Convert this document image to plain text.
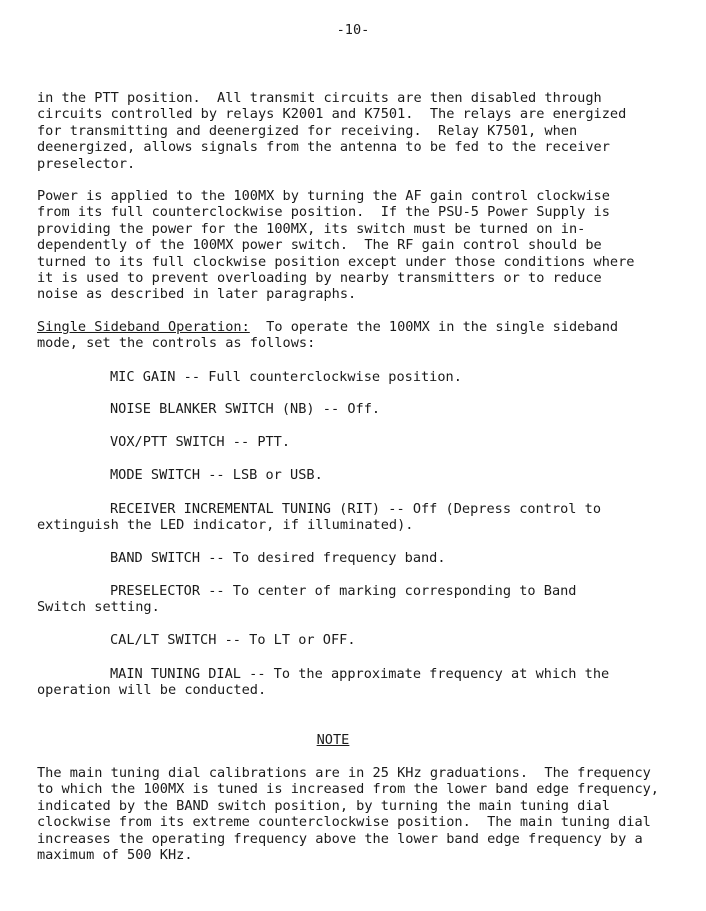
-10-

in the PTT position.  All transmit circuits are then disabled through
circuits controlled by relays K2001 and K7501.  The relays are energized
for transmitting and deenergized for receiving.  Relay K7501, when
deenergized, allows signals from the antenna to be fed to the receiver
preselector.

Power is applied to the 100MX by turning the AF gain control clockwise
from its full counterclockwise position.  If the PSU-5 Power Supply is
providing the power for the 100MX, its switch must be turned on in-
dependently of the 100MX power switch.  The RF gain control should be
turned to its full clockwise position except under those conditions where
it is used to prevent overloading by nearby transmitters or to reduce
noise as described in later paragraphs.

Single Sideband Operation: To operate the 100MX in the single sideband
mode, set the controls as follows:
MIC GAIN -- Full counterclockwise position.
NOISE BLANKER SWITCH (NB) -- Off.
VOX/PTT SWITCH -- PTT.
MODE SWITCH -- LSB or USB.
RECEIVER INCREMENTAL TUNING (RIT) -- Off (Depress control to
extinguish the LED indicator, if illuminated).
BAND SWITCH -- To desired frequency band.
PRESELECTOR -- To center of marking corresponding to Band
Switch setting.
CAL/LT SWITCH -- To LT or OFF.
MAIN TUNING DIAL -- To the approximate frequency at which the
operation will be conducted.
NOTE

The main tuning dial calibrations are in 25 KHz graduations.  The frequency
to which the 100MX is tuned is increased from the lower band edge frequency,
indicated by the BAND switch position, by turning the main tuning dial
clockwise from its extreme counterclockwise position.  The main tuning dial
increases the operating frequency above the lower band edge frequency by a
maximum of 500 KHz.
